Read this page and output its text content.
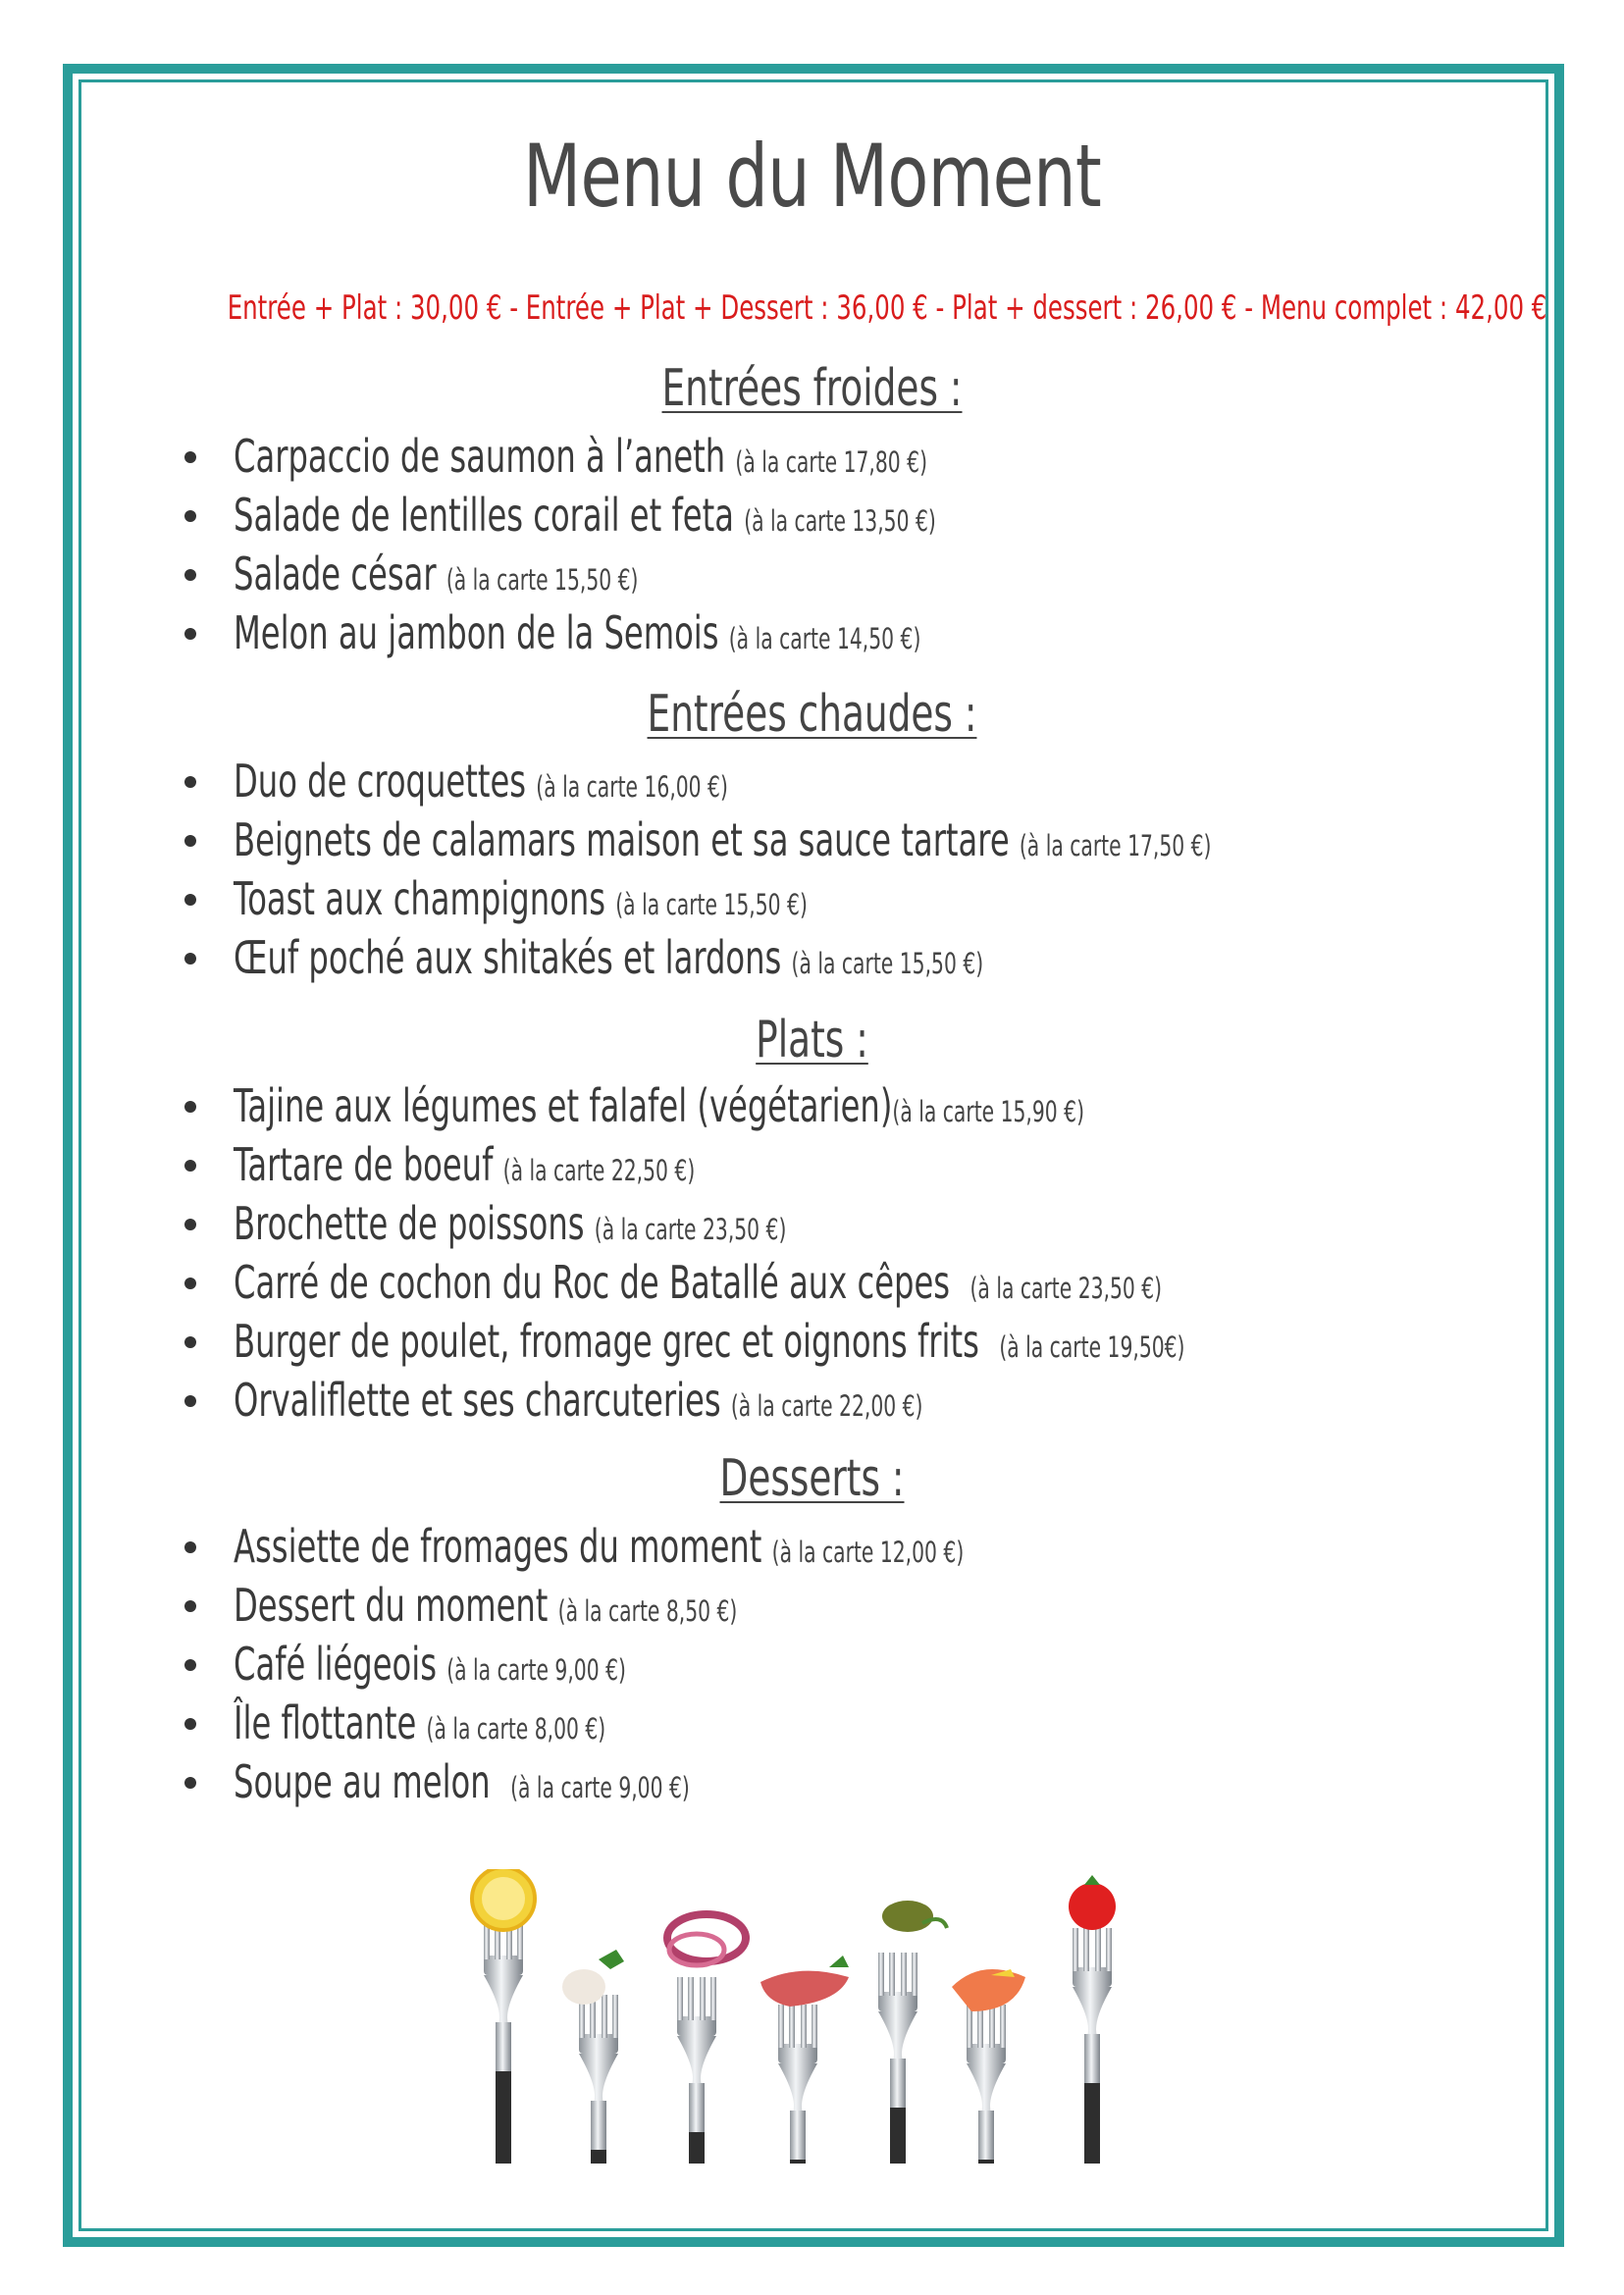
Menu du Moment
Entrée + Plat : 30,00 € - Entrée + Plat + Dessert : 36,00 € - Plat + dessert : 26,00 € - Menu complet : 42,00 €
Entrées froides :
Carpaccio de saumon à l’aneth (à la carte 17,80 €)
Salade de lentilles corail et feta (à la carte 13,50 €)
Salade césar (à la carte 15,50 €)
Melon au jambon de la Semois (à la carte 14,50 €)
Entrées chaudes :
Duo de croquettes (à la carte 16,00 €)
Beignets de calamars maison et sa sauce tartare (à la carte 17,50 €)
Toast aux champignons (à la carte 15,50 €)
Œuf poché aux shitakés et lardons (à la carte 15,50 €)
Plats :
Tajine aux légumes et falafel (végétarien)(à la carte 15,90 €)
Tartare de boeuf (à la carte 22,50 €)
Brochette de poissons (à la carte 23,50 €)
Carré de cochon du Roc de Batallé aux cêpes (à la carte 23,50 €)
Burger de poulet, fromage grec et oignons frits (à la carte 19,50€)
Orvaliflette et ses charcuteries (à la carte 22,00 €)
Desserts :
Assiette de fromages du moment (à la carte 12,00 €)
Dessert du moment (à la carte 8,50 €)
Café liégeois (à la carte 9,00 €)
Île flottante (à la carte 8,00 €)
Soupe au melon (à la carte 9,00 €)
